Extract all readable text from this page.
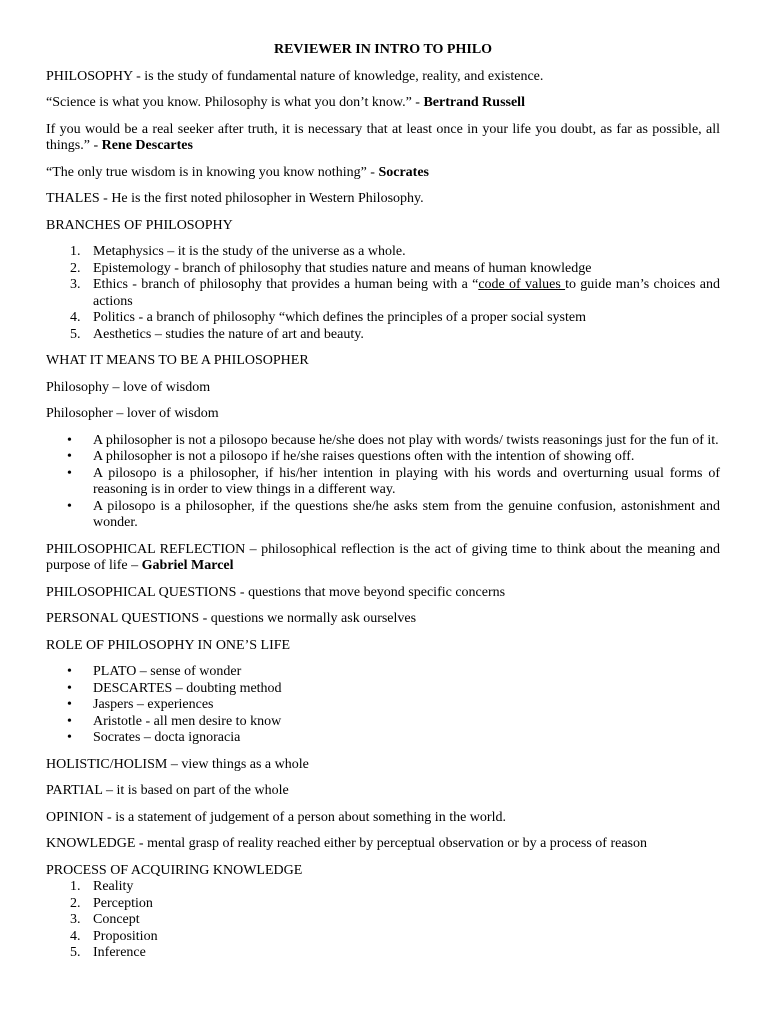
REVIEWER IN INTRO TO PHILO

PHILOSOPHY - is the study of fundamental nature of knowledge, reality, and existence.

“Science is what you know. Philosophy is what you don’t know.” - Bertrand Russell

If you would be a real seeker after truth, it is necessary that at least once in your life you doubt, as far as possible, all things.” - Rene Descartes

“The only true wisdom is in knowing you know nothing” - Socrates

THALES - He is the first noted philosopher in Western Philosophy.

BRANCHES OF PHILOSOPHY

1. Metaphysics – it is the study of the universe as a whole.
2. Epistemology - branch of philosophy that studies nature and means of human knowledge
3. Ethics - branch of philosophy that provides a human being with a “code of values to guide man’s choices and actions
4. Politics - a branch of philosophy “which defines the principles of a proper social system
5. Aesthetics – studies the nature of art and beauty.

WHAT IT MEANS TO BE A PHILOSOPHER

Philosophy – love of wisdom

Philosopher – lover of wisdom

• A philosopher is not a pilosopo because he/she does not play with words/ twists reasonings just for the fun of it.
• A philosopher is not a pilosopo if he/she raises questions often with the intention of showing off.
• A pilosopo is a philosopher, if his/her intention in playing with his words and overturning usual forms of reasoning is in order to view things in a different way.
• A pilosopo is a philosopher, if the questions she/he asks stem from the genuine confusion, astonishment and wonder.

PHILOSOPHICAL REFLECTION – philosophical reflection is the act of giving time to think about the meaning and purpose of life – Gabriel Marcel

PHILOSOPHICAL QUESTIONS - questions that move beyond specific concerns

PERSONAL QUESTIONS - questions we normally ask ourselves

ROLE OF PHILOSOPHY IN ONE’S LIFE

• PLATO – sense of wonder
• DESCARTES – doubting method
• Jaspers – experiences
• Aristotle - all men desire to know
• Socrates – docta ignoracia

HOLISTIC/HOLISM – view things as a whole

PARTIAL – it is based on part of the whole

OPINION - is a statement of judgement of a person about something in the world.

KNOWLEDGE - mental grasp of reality reached either by perceptual observation or by a process of reason

PROCESS OF ACQUIRING KNOWLEDGE

1. Reality
2. Perception
3. Concept
4. Proposition
5. Inference
